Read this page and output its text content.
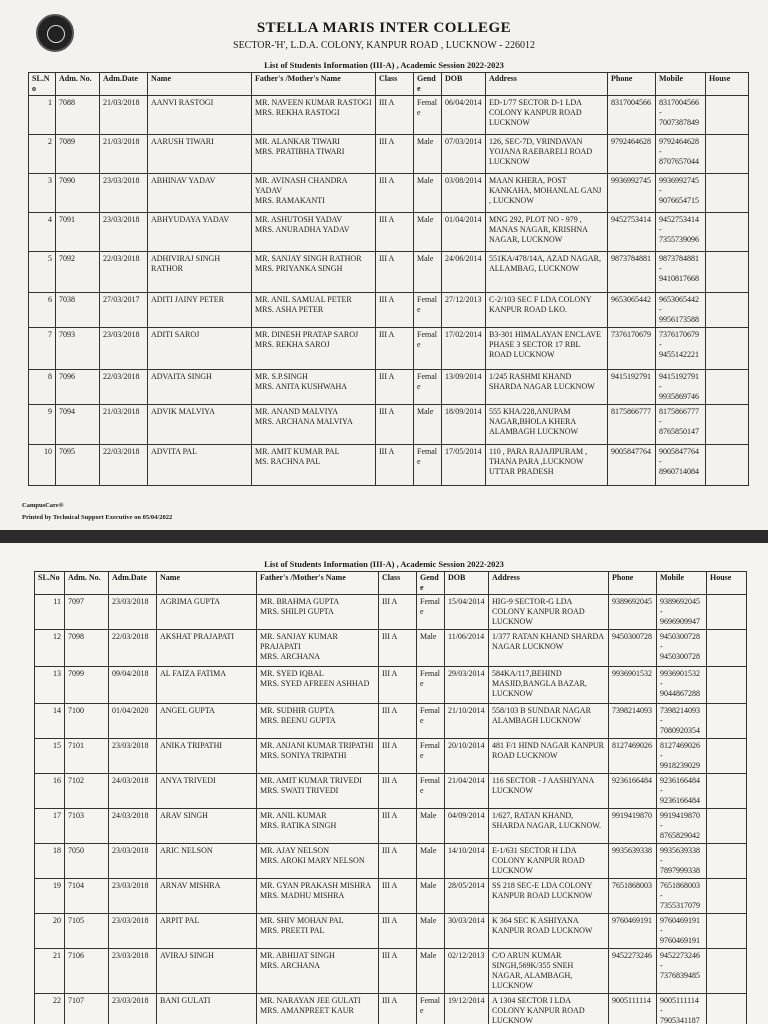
STELLA MARIS INTER COLLEGE
SECTOR-'H', L.D.A. COLONY, KANPUR ROAD , LUCKNOW - 226012
List of Students Information (III-A) , Academic Session 2022-2023
SL.No	Adm. No.	Adm.Date	Name	Father's /Mother's Name	Class	Gende	DOB	Address	Phone	Mobile	House
1	7088	21/03/2018	AANVI RASTOGI	MR. NAVEEN KUMAR RASTOGI
MRS. REKHA RASTOGI	III A	Female	06/04/2014	ED-1/77 SECTOR D-1 LDA COLONY KANPUR ROAD LUCKNOW	8317004566	8317004566 - 7007387849	
2	7089	21/03/2018	AARUSH TIWARI	MR. ALANKAR TIWARI
MRS. PRATIBHA TIWARI	III A	Male	07/03/2014	126, SEC-7D, VRINDAVAN YOJANA RAEBARELI ROAD LUCKNOW	9792464628	9792464628 - 8707657044	
3	7090	23/03/2018	ABHINAV YADAV	MR. AVINASH CHANDRA YADAV
MRS. RAMAKANTI	III A	Male	03/08/2014	MAAN KHERA, POST KANKAHA, MOHANLAL GANJ , LUCKNOW	9936992745	9936992745 - 9076654715	
4	7091	23/03/2018	ABHYUDAYA YADAV	MR. ASHUTOSH YADAV
MRS. ANURADHA YADAV	III A	Male	01/04/2014	MNG 292, PLOT NO - 979 , MANAS NAGAR, KRISHNA NAGAR, LUCKNOW	9452753414	9452753414 - 7355739096	
5	7092	22/03/2018	ADHIVIRAJ SINGH RATHOR	MR. SANJAY SINGH RATHOR
MRS. PRIYANKA SINGH	III A	Male	24/06/2014	551KA/478/14A, AZAD NAGAR, ALLAMBAG, LUCKNOW	9873784881	9873784881 - 9410817668	
6	7038	27/03/2017	ADITI JAINY PETER	MR. ANIL SAMUAL PETER
MRS. ASHA PETER	III A	Female	27/12/2013	C-2/103 SEC F LDA COLONY KANPUR ROAD LKO.	9653065442	9653065442 - 9956173588	
7	7093	23/03/2018	ADITI SAROJ	MR. DINESH PRATAP SAROJ
MRS. REKHA SAROJ	III A	Female	17/02/2014	B3-301 HIMALAYAN ENCLAVE PHASE 3 SECTOR 17 RBL ROAD LUCKNOW	7376170679	7376170679 - 9455142221	
8	7096	22/03/2018	ADVAITA SINGH	MR. S.P.SINGH
MRS. ANITA KUSHWAHA	III A	Female	13/09/2014	1/245 RASHMI KHAND SHARDA NAGAR LUCKNOW	9415192791	9415192791 - 9935869746	
9	7094	21/03/2018	ADVIK MALVIYA	MR. ANAND MALVIYA
MRS. ARCHANA MALVIYA	III A	Male	18/09/2014	555 KHA/228,ANUPAM NAGAR,BHOLA KHERA ALAMBAGH LUCKNOW	8175866777	8175866777 - 8765850147	
10	7095	22/03/2018	ADVITA PAL	MR. AMIT KUMAR PAL
MS. RACHNA PAL	III A	Female	17/05/2014	110 , PARA RAJAJIPURAM , THANA PARA ,LUCKNOW UTTAR PRADESH	9005847764	9005847764 - 8960714084	
CampusCare®
Printed by Technical Support Executive on 05/04/2022
List of Students Information (III-A) , Academic Session 2022-2023
SL.No	Adm. No.	Adm.Date	Name	Father's /Mother's Name	Class	Gende	DOB	Address	Phone	Mobile	House
11	7097	23/03/2018	AGRIMA GUPTA	MR. BRAHMA GUPTA
MRS. SHILPI GUPTA	III A	Female	15/04/2014	HIG-9 SECTOR-G LDA COLONY KANPUR ROAD LUCKNOW	9389692045	9389692045 - 9696909947	
12	7098	22/03/2018	AKSHAT PRAJAPATI	MR. SANJAY KUMAR PRAJAPATI
MRS. ARCHANA	III A	Male	11/06/2014	1/377 RATAN KHAND SHARDA NAGAR LUCKNOW	9450300728	9450300728 - 9450300728	
13	7099	09/04/2018	AL FAIZA FATIMA	MR. SYED IQBAL
MRS. SYED AFREEN ASHHAD	III A	Female	29/03/2014	584KA/117,BEHIND MASJID,BANGLA BAZAR, LUCKNOW	9936901532	9936901532 - 9044867288	
14	7100	01/04/2020	ANGEL GUPTA	MR. SUDHIR GUPTA
MRS. BEENU GUPTA	III A	Female	21/10/2014	558/103 B SUNDAR NAGAR ALAMBAGH LUCKNOW	7398214093	7398214093 - 7080920354	
15	7101	23/03/2018	ANIKA TRIPATHI	MR. ANJANI KUMAR TRIPATHI
MRS. SONIYA TRIPATHI	III A	Female	20/10/2014	481 F/1 HIND NAGAR KANPUR ROAD LUCKNOW	8127469026	8127469026 - 9918239029	
16	7102	24/03/2018	ANYA TRIVEDI	MR. AMIT KUMAR TRIVEDI
MRS. SWATI TRIVEDI	III A	Female	21/04/2014	116 SECTOR - J AASHIYANA LUCKNOW	9236166484	9236166484 - 9236166484	
17	7103	24/03/2018	ARAV SINGH	MR. ANIL KUMAR
MRS. RATIKA SINGH	III A	Male	04/09/2014	1/627, RATAN KHAND, SHARDA NAGAR, LUCKNOW.	9919419870	9919419870 - 8765829042	
18	7050	23/03/2018	ARIC NELSON	MR. AJAY NELSON
MRS. AROKI MARY NELSON	III A	Male	14/10/2014	E-1/631 SECTOR H LDA COLONY KANPUR ROAD LUCKNOW	9935639338	9935639338 - 7897999338	
19	7104	23/03/2018	ARNAV MISHRA	MR. GYAN PRAKASH MISHRA
MRS. MADHU MISHRA	III A	Male	28/05/2014	SS 218 SEC-E LDA COLONY KANPUR ROAD LUCKNOW	7651868003	7651868003 - 7355317079	
20	7105	23/03/2018	ARPIT PAL	MR. SHIV MOHAN PAL
MRS. PREETI PAL	III A	Male	30/03/2014	K 364 SEC K ASHIYANA KANPUR ROAD LUCKNOW	9760469191	9760469191 - 9760469191	
21	7106	23/03/2018	AVIRAJ SINGH	MR. ABHIJAT SINGH
MRS. ARCHANA	III A	Male	02/12/2013	C/O ARUN KUMAR SINGH,569K/355 SNEH NAGAR, ALAMBAGH, LUCKNOW	9452273246	9452273246 - 7376839485	
22	7107	23/03/2018	BANI GULATI	MR. NARAYAN JEE GULATI
MRS. AMANPREET KAUR	III A	Female	19/12/2014	A 1304 SECTOR I LDA COLONY KANPUR ROAD LUCKNOW	9005111114	9005111114 - 7905341187	
